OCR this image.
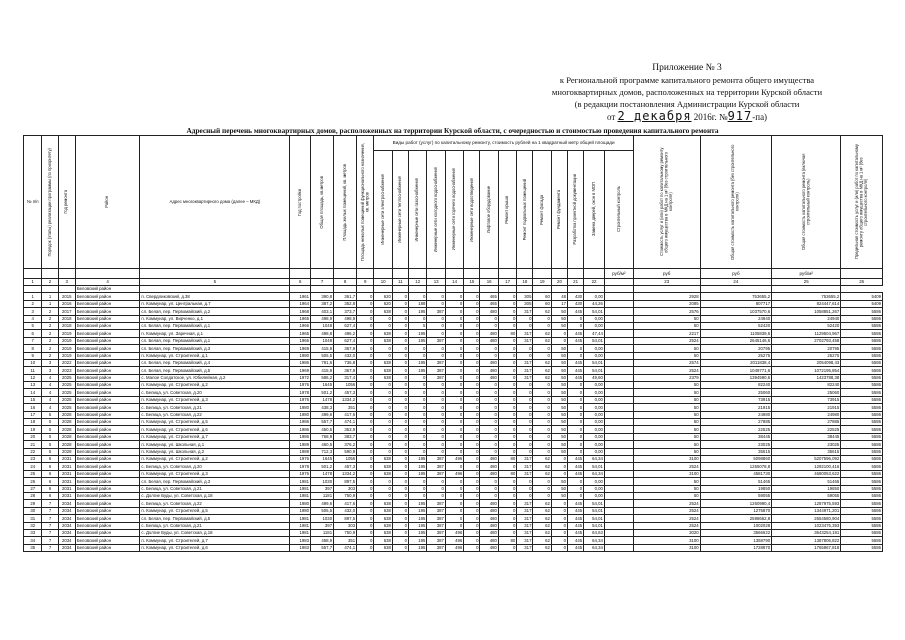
Приложение № 3
к Региональной программе капитального ремонта общего имущества
многоквартирных домов, расположенных на территории Курской области
(в редакции постановления Администрации Курской области
от 2 декабря 2016г. №917-па)
Адресный перечень многоквартирных домов, расположенных на территории Курской области, с очередностью и стоимостью проведения капитального ремонта
№ п/п	Порядок (этапы) реализации программы (по приоритету)	Год ремонта	Район	Адрес многоквартирного дома (далее – МКД)	Год постройки	Общая площадь, кв.метров	Площадь жилых помещений, кв. метров	Площадь нежилых помещений функционального назначения, кв. метров	Виды работ (услуг) по капитальному ремонту, стоимость рублей на 1 квадратный метр общей площади														Стоимость услуг и (или) работ по капитальному ремонту общего имущества в МКД на 1 м² (без строительного контроля)	Общая стоимость капитального ремонта (без строительного контроля)	Общая стоимость капитального ремонта (включая строительный контроль)	Предельная стоимость услуг и (или) работ по капитальному ремонту общего имущества в МКД на 1 м² (без строительного контроля)

									Инженерные сети электроснабжения	Инженерные сети теплоснабжения	Инженерные сети газоснабжения	Инженерные сети холодного водоснабжения	Инженерные сети горячего водоснабжения	Инженерные сети водоотведения	Лифтовое оборудование	Ремонт крыши	Ремонт подвальных помещений	Ремонт фасада	Ремонт фундамента	Разработка проектной документации	Замена дверей, окон в МОП	Строительный контроль				

																						руб/м²	руб	руб	руб/м²	
1	2	3	4	5	6	7	8	9	10	11	12	13	14	15	16	17	18	19	20	21	22		23	24	25	26
			Беловский район																							
1	1	2015	Беловский район	п. Свердликовский, д.38	1961	390,8	361,7	0	620	0	0	0	0	0	465	0	305	60	48	430	0,00		2928	753655,2	753655,2	5409
2	1	2016	Беловский район	п. Коммунар, ул. Центральная, д.7	1964	387,2	352,8	0	620	0	188	0	0	0	465	0	305	60	17	430	44,26		2085	807717	824447,614	5409
3	2	2017	Беловский район	сл. Белая, пер. Первомайский, д.2	1968	403,1	373,7	0	638	0	195	387	0	0	480	0	317	62	50	445	54,01		2576	1037570,6	1058851,267	5586
4	2	2018	Беловский район	п. Коммунар, ул. Вирченко, д.1	1965	498,9	498,9	0	0	0	0	0	0	0	0	0	0	0	50	0	0,00		50	24940	24940	5586
5	2	2018	Беловский район	сл. Белая, пер. Первомайский, д.1	1966	1048	627,4	0	0	0	5	0	0	0	0	0	0	0	50	0	0,00		50	52420	52420	5586
6	2	2019	Беловский район	п. Коммунар, ул. Заречная, д.1	1965	498,8	496,2	0	638	0	195	0	0	0	480	80	317	62	0	445	47,44		2217	1105839,6	1129504,967	5586
7	2	2019	Беловский район	сл. Белая, пер. Первомайский, д.1	1966	1048	627,4	0	638	0	195	387	0	0	480	0	317	62	0	445	54,01		2524	2645146,6	2702793,458	5586
8	2	2019	Беловский район	сл. Белая, пер. Первомайский, д.3	1969	415,9	367,9	0	0	0	0	0	0	0	0	0	0	0	50	0	0,00		50	20795	20795	5586
9	2	2019	Беловский район	п. Коммунар, ул. Строителей, д.1	1980	505,5	432,0	0	0	0	0	0	0	0	0	0	0	0	50	0	0,00		50	25275	25275	5586
10	3	2022	Беловский район	сл. Белая, пер. Первомайский, д.4	1986	781,6	736,8	0	638	0	195	387	0	0	480	0	317	62	50	445	54,01		2574	2011838,4	2054098,43	5586
11	3	2023	Беловский район	сл. Белая, пер. Первомайский, д.5	1969	415,9	367,9	0	638	0	195	387	0	0	480	0	317	62	50	445	54,01		2524	1049771,6	1072195,854	5586
12	4	2025	Беловский район	с. Малое Солдатское, ул. Юбилейная, д.2	1972	586,2	317,4	0	638	0	0	387	0	0	480	0	317	62	50	445	49,60		2379	1394590,6	1423788,38	5586
13	4	2025	Беловский район	п. Коммунар, ул. Строителей, д.2	1976	1645	1056	0	0	0	0	0	0	0	0	0	0	0	50	0	0,00		50	82240	82240	5586
14	4	2025	Беловский район	с. Белица, ул. Советская, д.20	1978	501,2	457,3	0	0	0	0	0	0	0	0	0	0	0	50	0	0,00		50	25060	25060	5586
15	4	2025	Беловский район	п. Коммунар, ул. Строителей, д.3	1976	1478	1334,2	0	0	0	0	0	0	0	0	0	0	0	50	0	0,00		50	73915	73915	5586
16	4	2025	Беловский район	с. Белица, ул. Советская, д.21	1980	438,3	351	0	0	0	0	0	0	0	0	0	0	0	50	0	0,00		50	21915	21915	5586
17	5	2028	Беловский район	с. Белица, ул. Советская, д.22	1980	499,6	417,6	0	0	0	0	0	0	0	0	0	0	0	50	0	0,00		50	24980	24980	5586
18	5	2028	Беловский район	п. Коммунар, ул. Строителей, д.5	1986	557,7	474,1	0	0	0	0	0	0	0	0	0	0	0	50	0	0,00		50	27885	27885	5586
19	5	2028	Беловский район	п. Коммунар, ул. Строителей, д.6	1986	450,5	353,9	0	0	0	0	0	0	0	0	0	0	0	50	0	0,00		50	22525	22525	5586
20	5	2028	Беловский район	п. Коммунар, ул. Строителей, д.7	1986	768,9	383,7	0	0	0	0	0	0	0	0	0	0	0	50	0	0,00		50	38445	38445	5586
21	5	2028	Беловский район	п. Коммунар, ул. Школьная, д.1	1989	460,5	376,2	0	0	0	0	0	0	0	0	0	0	0	50	0	0,00		50	23025	23025	5586
22	5	2028	Беловский район	п. Коммунар, ул. Школьная, д.2	1989	712,3	590,9	0	0	0	0	0	0	0	0	0	0	0	50	0	0,00		50	35615	35615	5586
23	6	2031	Беловский район	п. Коммунар, ул. Строителей, д.2	1976	1645	1056	0	638	0	195	387	496	0	480	80	317	62	0	445	64,34		3100	5098860	5207596,092	5586
24	6	2031	Беловский район	с. Белица, ул. Советская, д.20	1978	501,2	457,3	0	638	0	195	387	0	0	480	0	317	62	0	445	54,01		2524	1265078,8	1292100,416	5586
25	6	2031	Беловский район	п. Коммунар, ул. Строителей, д.3	1976	1478	1334,2	0	638	0	195	387	496	0	480	80	317	62	0	445	64,34		3100	4581730	4680053,622	5586
26	6	2031	Беловский район	сл. Белая, пер. Первомайский, д.3	1981	1030	897,5	0	0	0	0	0	0	0	0	0	0	0	50	0	0,00		50	51465	51465	5586
27	6	2031	Беловский район	с. Белица, ул. Советская, д.21	1981	397	303	0	0	0	0	0	0	0	0	0	0	0	50	0	0,00		50	19850	19850	5586
28	6	2031	Беловский район	с. Долгие Буды, ул. Советская, д.18	1981	1181	750,9	0	0	0	0	0	0	0	0	0	0	0	50	0	0,00		50	59055	59055	5586
29	7	2034	Беловский район	с. Белица, ул. Советская, д.22	1980	499,6	417,6	0	638	0	195	387	0	0	480	0	317	62	0	445	54,01		2524	1260990,4	1287975,593	5586
30	7	2034	Беловский район	п. Коммунар, ул. Строителей, д.5	1980	505,5	432,0	0	638	0	195	387	0	0	480	0	317	62	0	445	54,01		2524	1275870	1344971,201	5586
31	7	2034	Беловский район	сл. Белая, пер. Первомайский, д.5	1981	1030	897,5	0	638	0	195	387	0	0	480	0	317	62	0	445	54,01		2524	2598662,8	2654580,904	5586
32	7	2034	Беловский район	с. Белица, ул. Советская, д.21	1981	397	303	0	638	0	195	387	0	0	480	0	317	62	0	445	54,01		2524	1002028	1023475,393	5586
33	7	2034	Беловский район	с. Долгие Буды, ул. Советская, д.18	1981	1181	750,9	0	638	0	195	387	496	0	480	0	317	62	0	445	64,63		3020	3566622	3643254,191	5586
34	7	2034	Беловский район	п. Коммунар, ул. Строителей, д.7	1983	458,9	351	0	638	0	195	387	496	0	480	80	317	62	0	445	64,34		3100	1358790	1387806,822	5586
35	7	2034	Беловский район	п. Коммунар, ул. Строителей, д.6	1983	557,7	474,1	0	638	0	195	387	496	0	480	0	317	62	0	445	64,34		3100	1728870	1765867,818	5586
